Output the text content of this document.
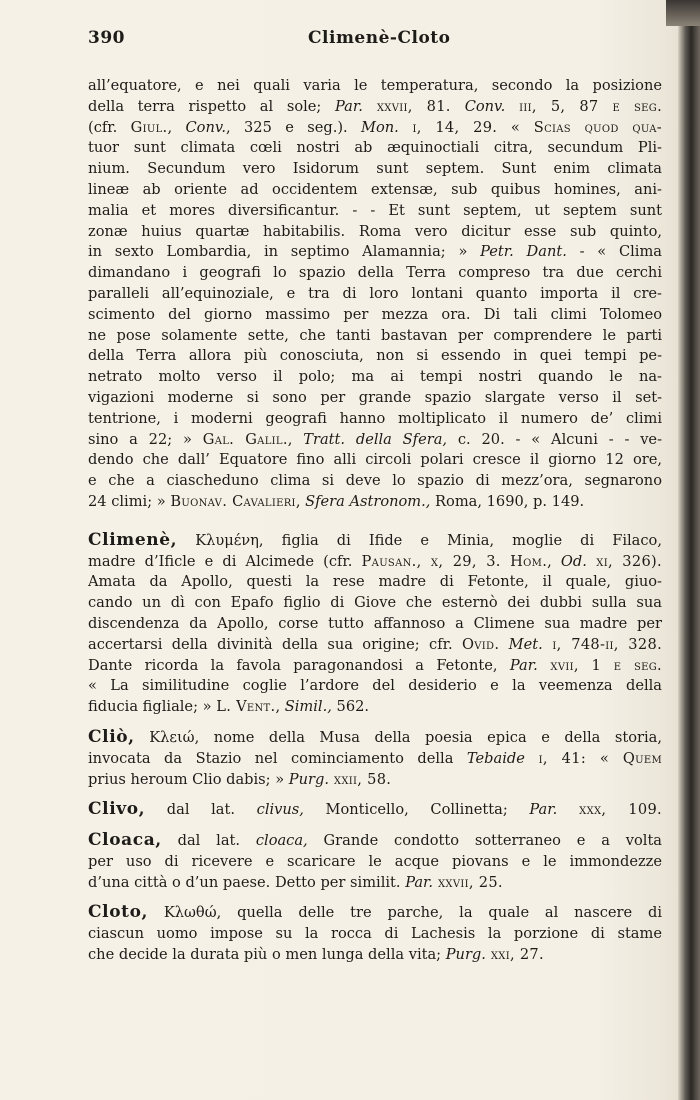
390	Climenè-Cloto
all’equatore, e nei quali varia le temperatura, secondo la posizione
della terra rispetto al sole; Par. xxvii, 81. Conv. iii, 5, 87 e seg.
(cfr. Giul., Conv., 325 e seg.). Mon. i, 14, 29. « Scias quod qua-
tuor sunt climata cœli nostri ab æquinoctiali citra, secundum Pli-
nium. Secundum vero Isidorum sunt septem. Sunt enim climata
lineæ ab oriente ad occidentem extensæ, sub quibus homines, ani-
malia et mores diversificantur. - - Et sunt septem, ut septem sunt
zonæ huius quartæ habitabilis. Roma vero dicitur esse sub quinto,
in sexto Lombardia, in septimo Alamannia; » Petr. Dant. - « Clima
dimandano i geografi lo spazio della Terra compreso tra due cerchi
paralleli all’equinoziale, e tra di loro lontani quanto importa il cre-
scimento del giorno massimo per mezza ora. Di tali climi Tolomeo
ne pose solamente sette, che tanti bastavan per comprendere le parti
della Terra allora più conosciuta, non si essendo in quei tempi pe-
netrato molto verso il polo; ma ai tempi nostri quando le na-
vigazioni moderne si sono per grande spazio slargate verso il set-
tentrione, i moderni geografi hanno moltiplicato il numero de’ climi
sino a 22; » Gal. Galil., Tratt. della Sfera, c. 20. - « Alcuni - - ve-
dendo che dall’ Equatore fino alli circoli polari cresce il giorno 12 ore,
e che a ciascheduno clima si deve lo spazio di mezz’ora, segnarono
24 climi; » Buonav. Cavalieri, Sfera Astronom., Roma, 1690, p. 149.
Climenè, Κλυμένη, figlia di Ifide e Minia, moglie di Filaco,
madre d’Ificle e di Alcimede (cfr. Pausan., x, 29, 3. Hom., Od. xi, 326).
Amata da Apollo, questi la rese madre di Fetonte, il quale, giuo-
cando un dì con Epafo figlio di Giove che esternò dei dubbi sulla sua
discendenza da Apollo, corse tutto affannoso a Climene sua madre per
accertarsi della divinità della sua origine; cfr. Ovid. Met. i, 748-ii, 328.
Dante ricorda la favola paragonandosi a Fetonte, Par. xvii, 1 e seg.
« La similitudine coglie l’ardore del desiderio e la veemenza della
fiducia figliale; » L. Vent., Simil., 562.
Cliò, Κλειώ, nome della Musa della poesia epica e della storia,
invocata da Stazio nel cominciamento della Tebaide i, 41: « Quem
prius heroum Clio dabis; » Purg. xxii, 58.
Clivo, dal lat. clivus, Monticello, Collinetta; Par. xxx, 109.
Cloaca, dal lat. cloaca, Grande condotto sotterraneo e a volta
per uso di ricevere e scaricare le acque piovans e le immondezze
d’una città o d’un paese. Detto per similit. Par. xxvii, 25.
Cloto, Κλωθώ, quella delle tre parche, la quale al nascere di
ciascun uomo impose su la rocca di Lachesis la porzione di stame
che decide la durata più o men lunga della vita; Purg. xxi, 27.
